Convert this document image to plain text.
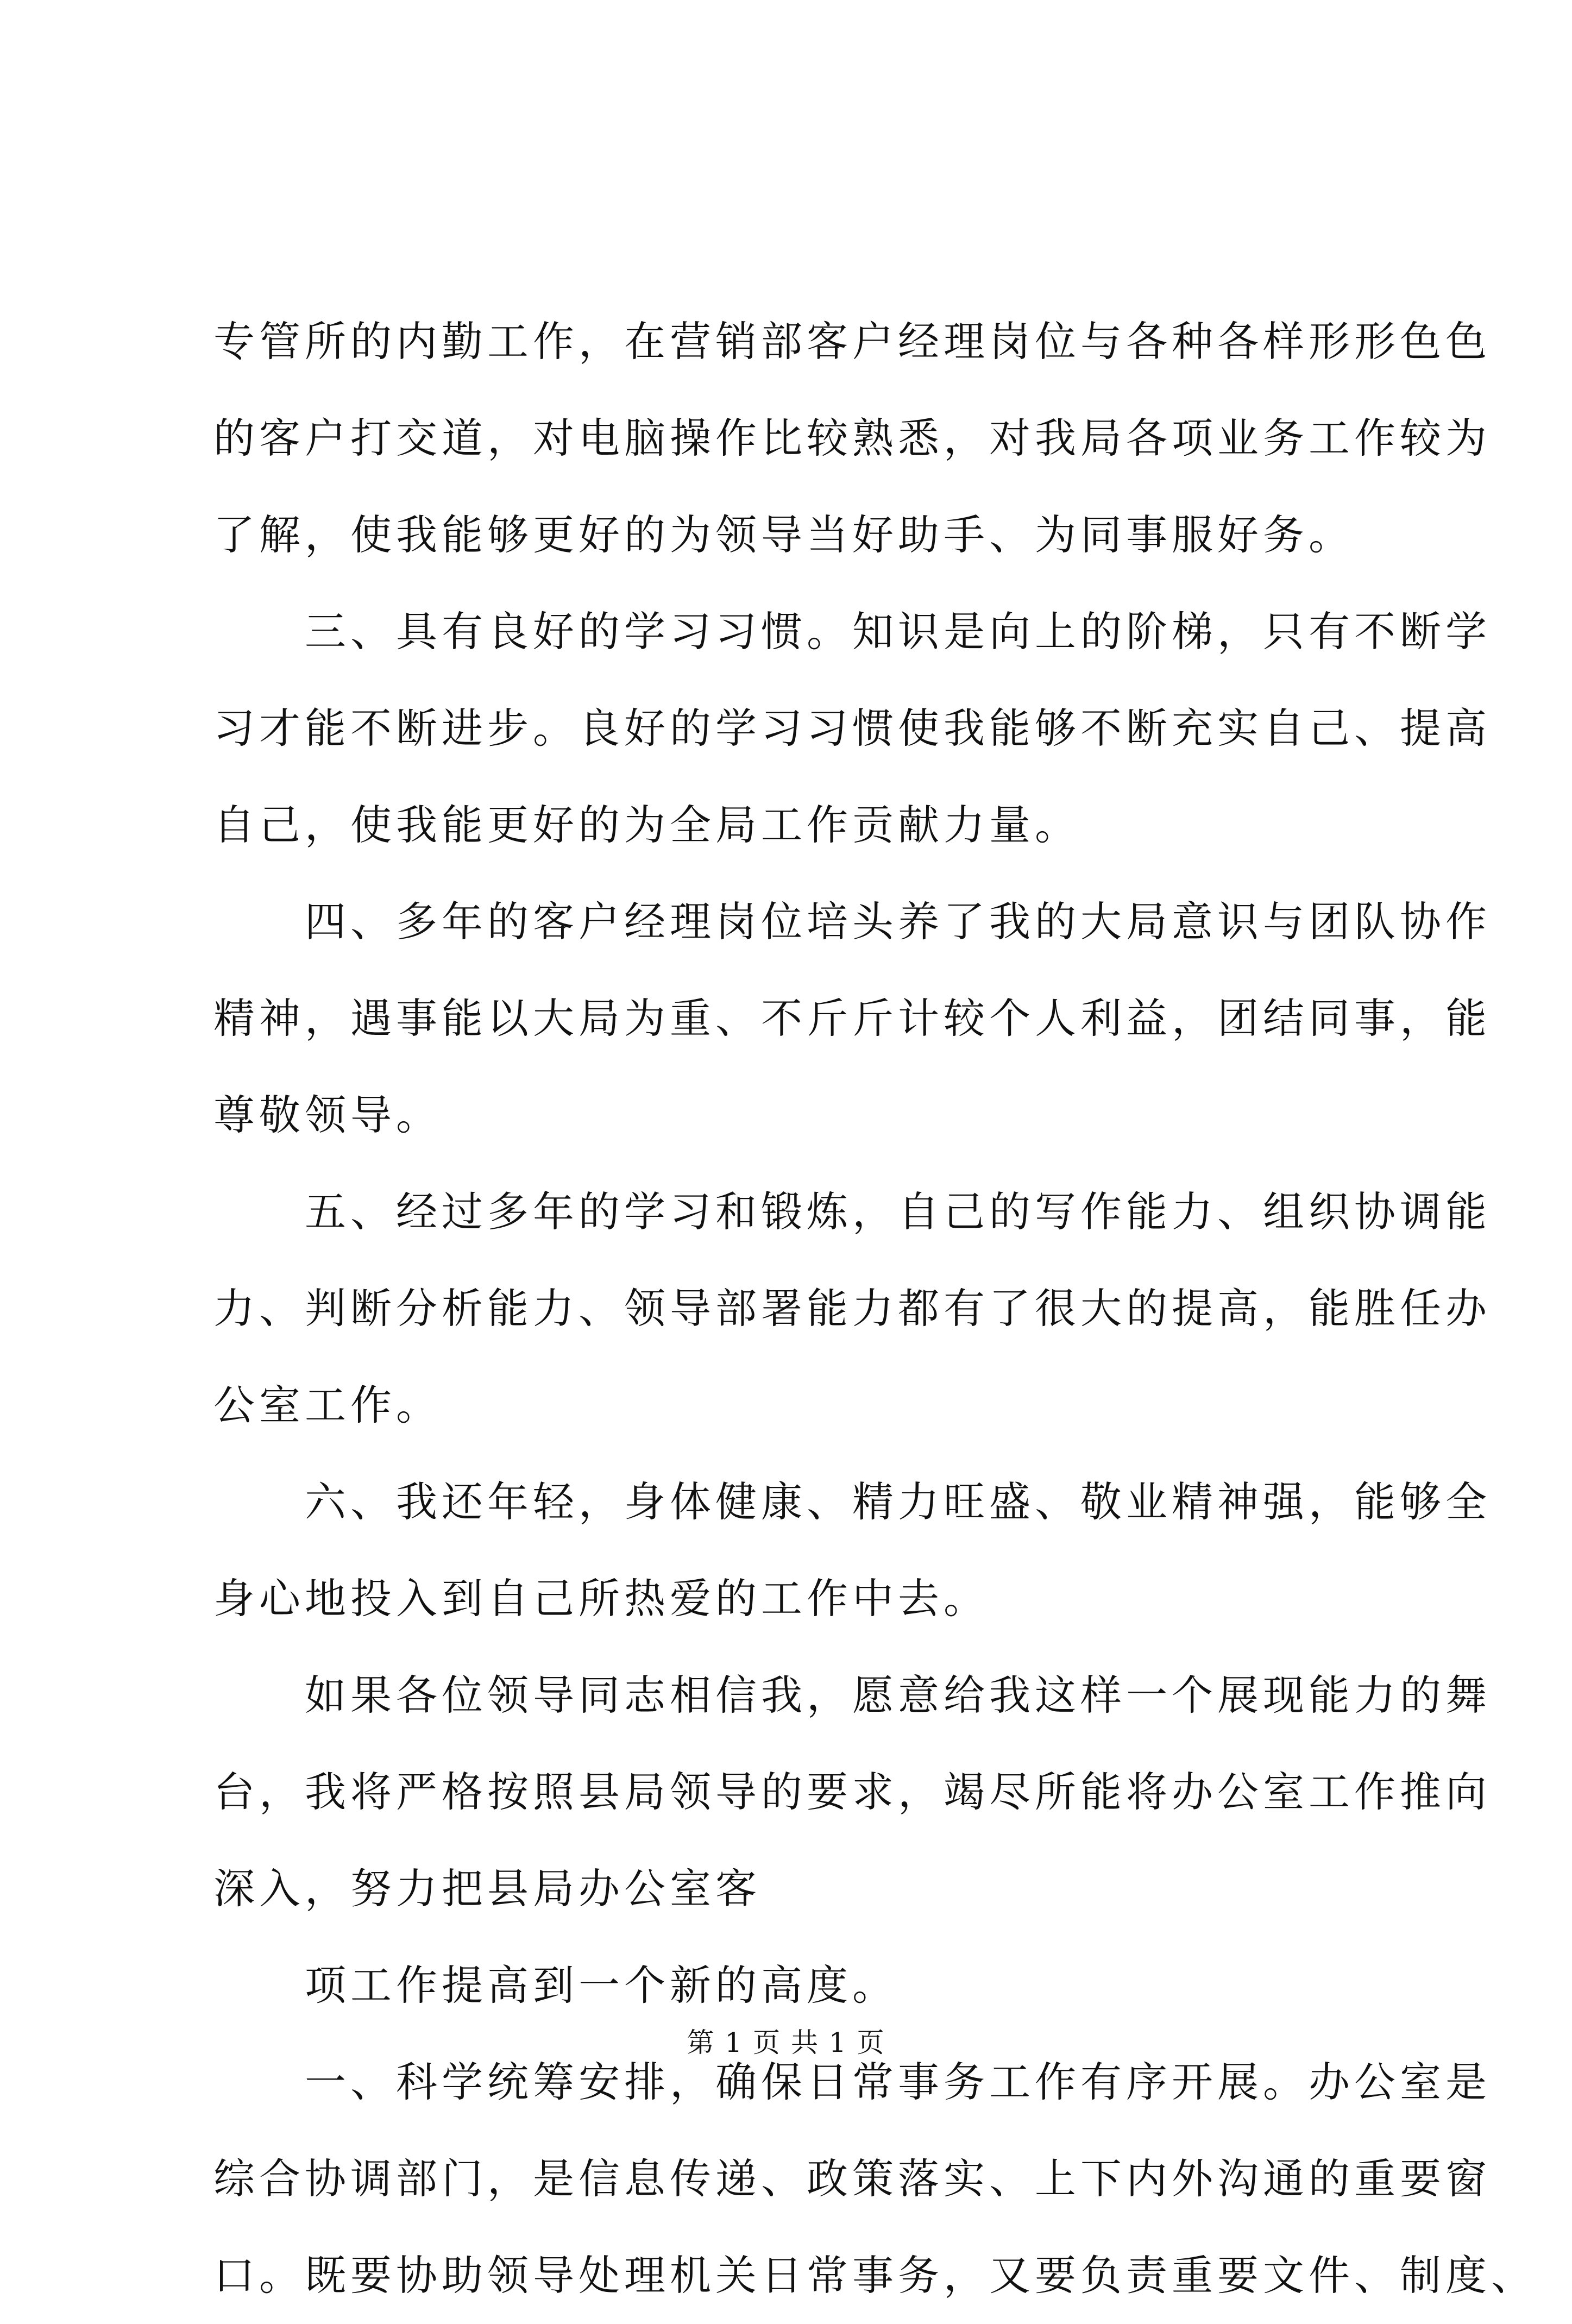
专管所的内勤工作，在营销部客户经理岗位与各种各样形形色色
的客户打交道，对电脑操作比较熟悉，对我局各项业务工作较为
了解，使我能够更好的为领导当好助手、为同事服好务。
　　三、具有良好的学习习惯。知识是向上的阶梯，只有不断学
习才能不断进步。良好的学习习惯使我能够不断充实自己、提高
自己，使我能更好的为全局工作贡献力量。
　　四、多年的客户经理岗位培头养了我的大局意识与团队协作
精神，遇事能以大局为重、不斤斤计较个人利益，团结同事，能
尊敬领导。
　　五、经过多年的学习和锻炼，自己的写作能力、组织协调能
力、判断分析能力、领导部署能力都有了很大的提高，能胜任办
公室工作。
　　六、我还年轻，身体健康、精力旺盛、敬业精神强，能够全
身心地投入到自己所热爱的工作中去。
　　如果各位领导同志相信我，愿意给我这样一个展现能力的舞
台，我将严格按照县局领导的要求，竭尽所能将办公室工作推向
深入，努力把县局办公室客
　　项工作提高到一个新的高度。
　　一、科学统筹安排，确保日常事务工作有序开展。办公室是
综合协调部门，是信息传递、政策落实、上下内外沟通的重要窗
口。既要协助领导处理机关日常事务，又要负责重要文件、制度、
第 1 页 共 1 页
